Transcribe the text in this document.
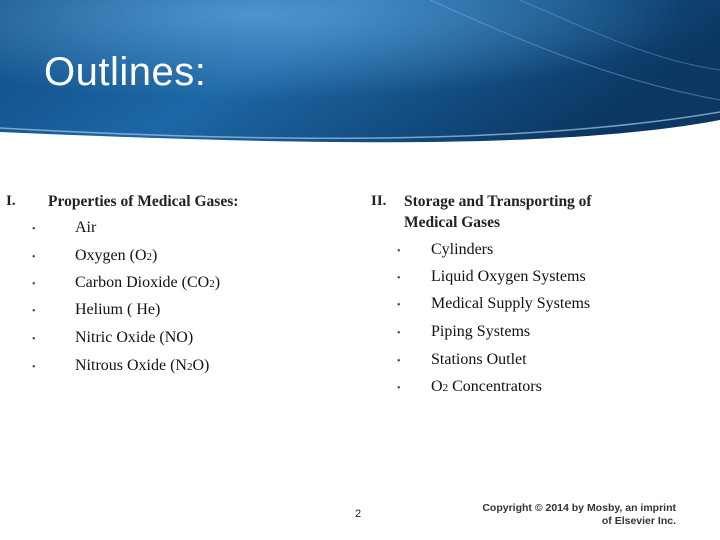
Outlines:
I. Properties of Medical Gases:
• Air
• Oxygen (O2)
• Carbon Dioxide (CO2)
• Helium ( He)
• Nitric Oxide (NO)
• Nitrous Oxide (N2O)
II. Storage and Transporting of
Medical Gases
• Cylinders
• Liquid Oxygen Systems
• Medical Supply Systems
• Piping Systems
• Stations Outlet
• O2 Concentrators
2	Copyright © 2014 by Mosby, an imprint
of Elsevier Inc.
